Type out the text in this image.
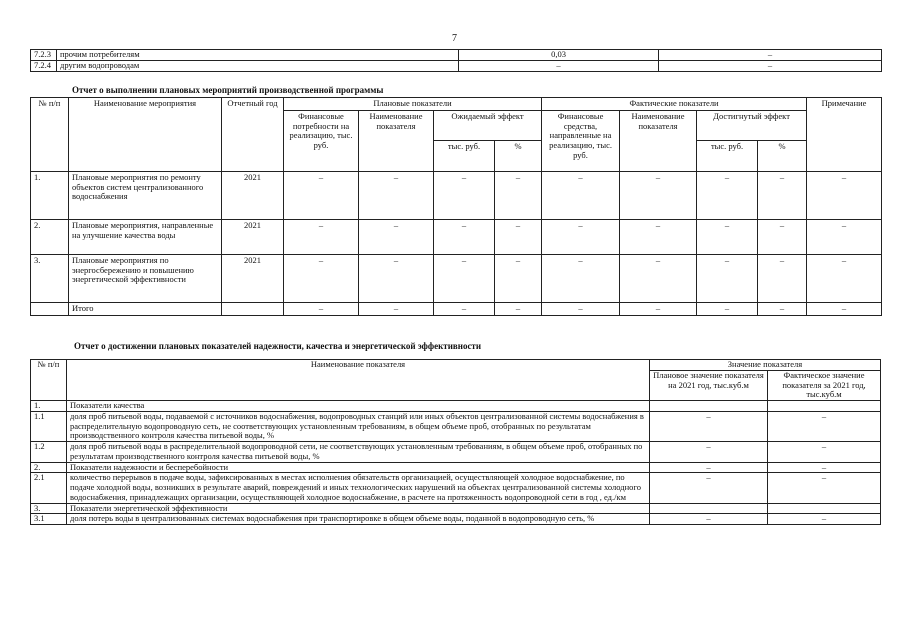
7
7.2.3	прочим потребителям	0,03	–
7.2.4	другим водопроводам	–	–
Отчет о выполнении плановых мероприятий производственной программы
№ п/п	Наименование мероприятия	Отчетный год	Плановые показатели				Фактические показатели				Примечание
			Финансовые потребности на реализацию, тыс. руб.	Наименование показателя	Ожидаемый эффект		Финансовые средства, направленные на реализацию, тыс. руб.	Наименование показателя	Достигнутый эффект		
					тыс. руб.	%			тыс. руб.	%	
1.	Плановые мероприятия по ремонту объектов систем централизованного водоснабжения	2021	–	–	–	–	–	–	–	–	–
2.	Плановые мероприятия, направленные на улучшение качества воды	2021	–	–	–	–	–	–	–	–	–
3.	Плановые мероприятия по энергосбережению и повышению энергетической эффективности	2021	–	–	–	–	–	–	–	–	–
	Итого		–	–	–	–	–	–	–	–	–
Отчет о достижении плановых показателей надежности, качества и энергетической эффективности
№ п/п	Наименование показателя	Значение показателя	
		Плановое значение показателя на 2021 год, тыс.куб.м	Фактическое значение показателя за 2021 год, тыс.куб.м
1.	Показатели качества		
1.1	доля проб питьевой воды, подаваемой с источников водоснабжения, водопроводных станций или иных объектов централизованной системы водоснабжения в распределительную водопроводную сеть, не соответствующих установленным требованиям, в общем объеме проб, отобранных по результатам производственного контроля качества питьевой воды, %	–	–
1.2	доля проб питьевой воды в распределительной водопроводной сети, не соответствующих установленным требованиям, в общем объеме проб, отобранных по результатам производственного контроля качества питьевой воды, %	–	–
2.	Показатели надежности и бесперебойности	–	–
2.1	количество перерывов в подаче воды, зафиксированных в местах исполнения обязательств организацией, осуществляющей холодное водоснабжение, по подаче холодной воды, возникших в результате аварий, повреждений и иных технологических нарушений на объектах централизованной системы холодного водоснабжения, принадлежащих организации, осуществляющей холодное водоснабжение, в расчете на протяженность водопроводной сети в год , ед./км	–	–
3.	Показатели энергетической эффективности		
3.1	доля потерь воды в централизованных системах водоснабжения при транспортировке в общем объеме воды, поданной в водопроводную сеть, %	–	–
